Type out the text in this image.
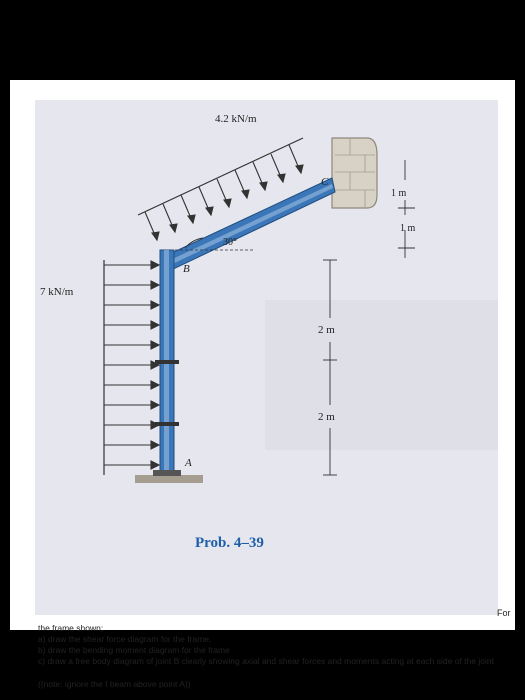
4.2 kN/m
7 kN/m
30°
B
A
C
1 m
1 m
2 m
2 m
Prob. 4–39
For
the frame shown;
a) draw the shear force diagram for the frame.
b) draw the bending moment diagram for the frame
c) draw a free body diagram of joint B clearly showing axial and shear forces and moments acting at each side of the joint
((note: ignore the I beam above point A))
